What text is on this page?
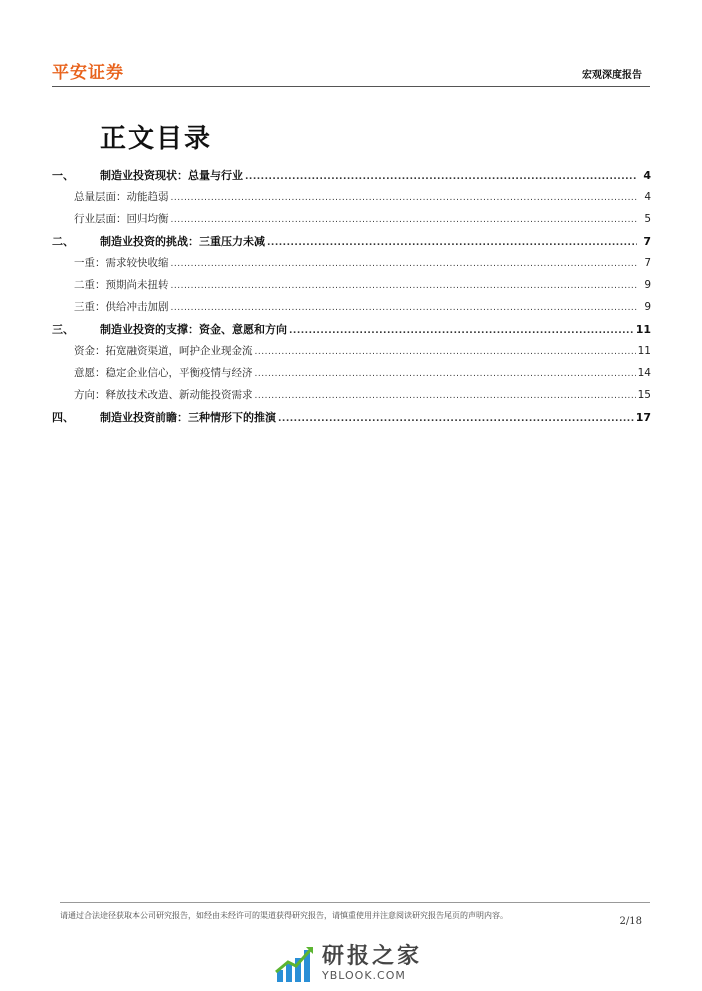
平安证券	宏观深度报告
正文目录
一、	制造业投资现状：总量与行业 .....	4
总量层面：动能趋弱 .....	4
行业层面：回归均衡 .....	5
二、	制造业投资的挑战：三重压力未减 .....	7
一重：需求较快收缩 .....	7
二重：预期尚未扭转 .....	9
三重：供给冲击加剧 .....	9
三、	制造业投资的支撑：资金、意愿和方向 .....	11
资金：拓宽融资渠道，呵护企业现金流 .....	11
意愿：稳定企业信心，平衡疫情与经济 .....	14
方向：释放技术改造、新动能投资需求 .....	15
四、	制造业投资前瞻：三种情形下的推演 .....	17
请通过合法途径获取本公司研究报告，如经由未经许可的渠道获得研究报告，请慎重使用并注意阅读研究报告尾页的声明内容。
2/18
研报之家
YBLOOK.COM
